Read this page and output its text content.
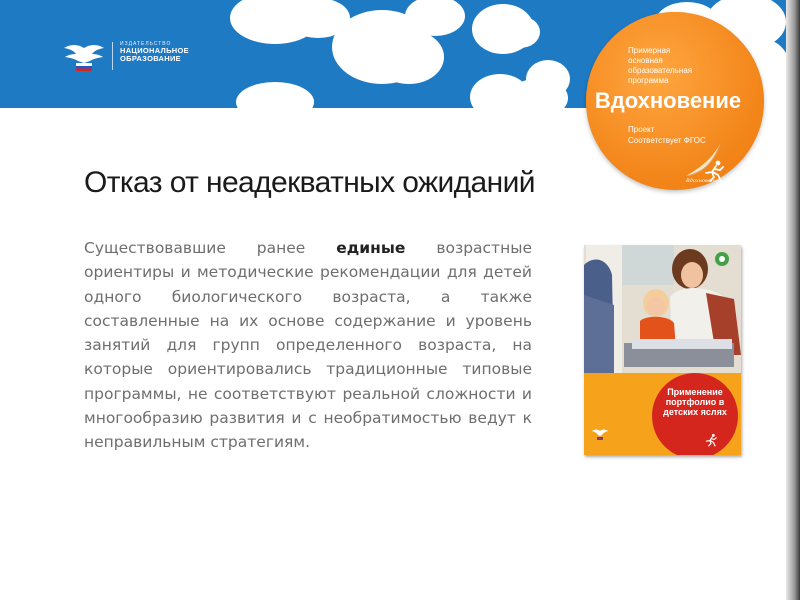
ИЗДАТЕЛЬСТВО
НАЦИОНАЛЬНОЕ
ОБРАЗОВАНИЕ
Примерная
основная
образовательная
программа
Вдохновение
Проект
Соответствует ФГОС
Вдохновение
Отказ от неадекватных ожиданий

Существовавшие ранее единые возрастные ориентиры и методические рекомендации для детей одного биологического возраста, а также составленные на их основе содержание и уровень занятий для групп определенного возраста, на которые ориентировались традиционные типовые программы, не соответствуют реальной сложности и многообразию развития и с необратимостью ведут к неправильным стратегиям.

Применение портфолио в детских яслях
